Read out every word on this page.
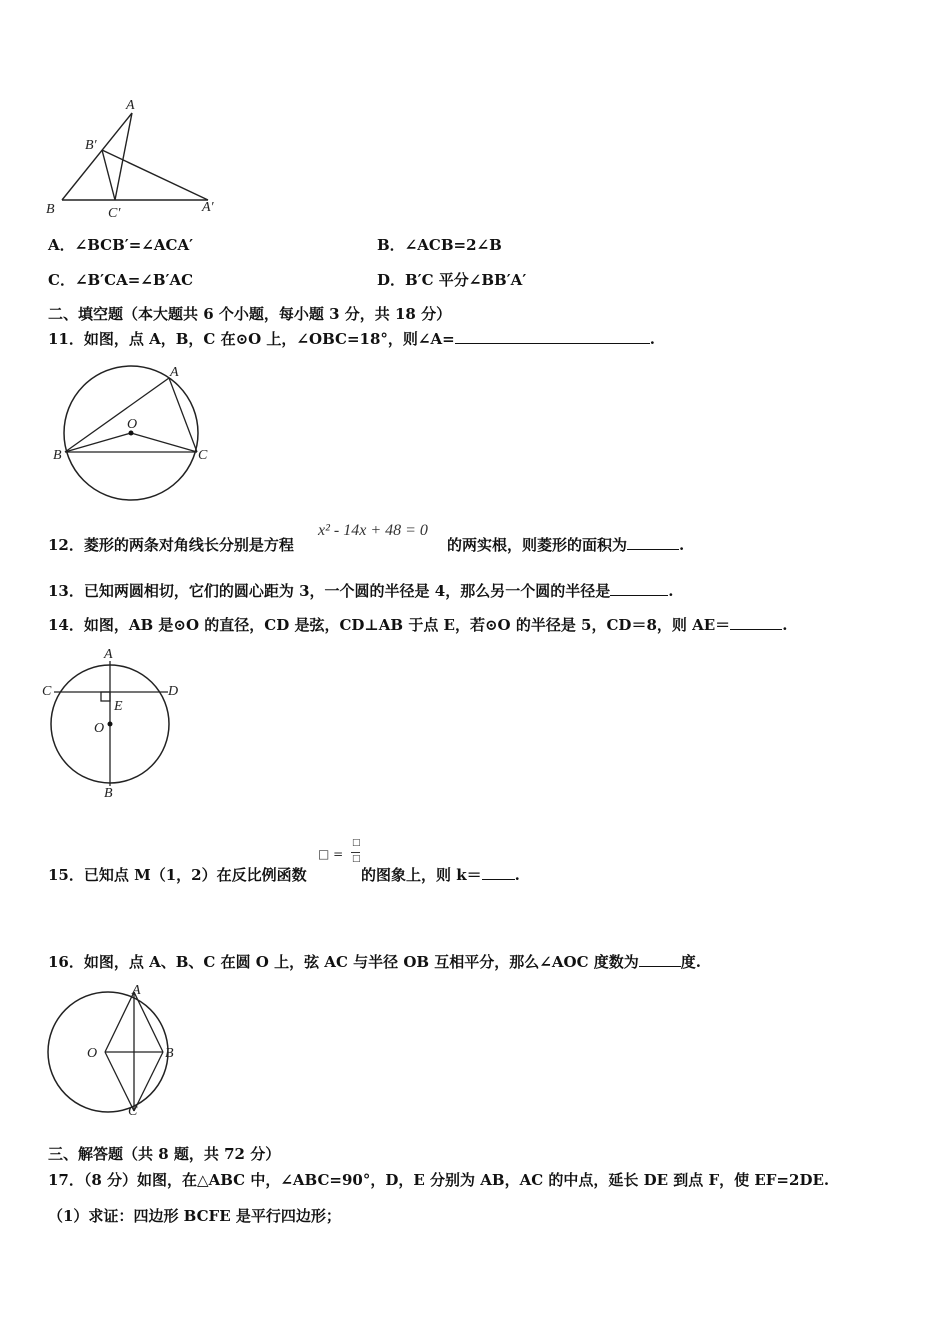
A
B′
B	C′	A′
A．∠BCB′=∠ACA′	B．∠ACB=2∠B
C．∠B′CA=∠B′AC	D．B′C 平分∠BB′A′
二、填空题（本大题共 6 个小题，每小题 3 分，共 18 分）
11．如图，点 A，B，C 在⊙O 上，∠OBC=18°，则∠A=	.
A
O
B	C
12．菱形的两条对角线长分别是方程
x² - 14x + 48 = 0
的两实根，则菱形的面积为	.
13．已知两圆相切，它们的圆心距为 3，一个圆的半径是 4，那么另一个圆的半径是	.
14．如图，AB 是⊙O 的直径，CD 是弦，CD⊥AB 于点 E，若⊙O 的半径是 5，CD＝8，则 AE＝	.
A
C	D
E
O
B
15．已知点 M（1，2）在反比例函数
□ =
□
□
的图象上，则 k＝ .
16．如图，点 A、B、C 在圆 O 上，弦 AC 与半径 OB 互相平分，那么∠AOC 度数为	度.
A
O	B
C
三、解答题（共 8 题，共 72 分）
17．（8 分）如图，在△ABC 中，∠ABC=90°，D，E 分别为 AB，AC 的中点，延长 DE 到点 F，使 EF=2DE.
（1）求证：四边形 BCFE 是平行四边形；
